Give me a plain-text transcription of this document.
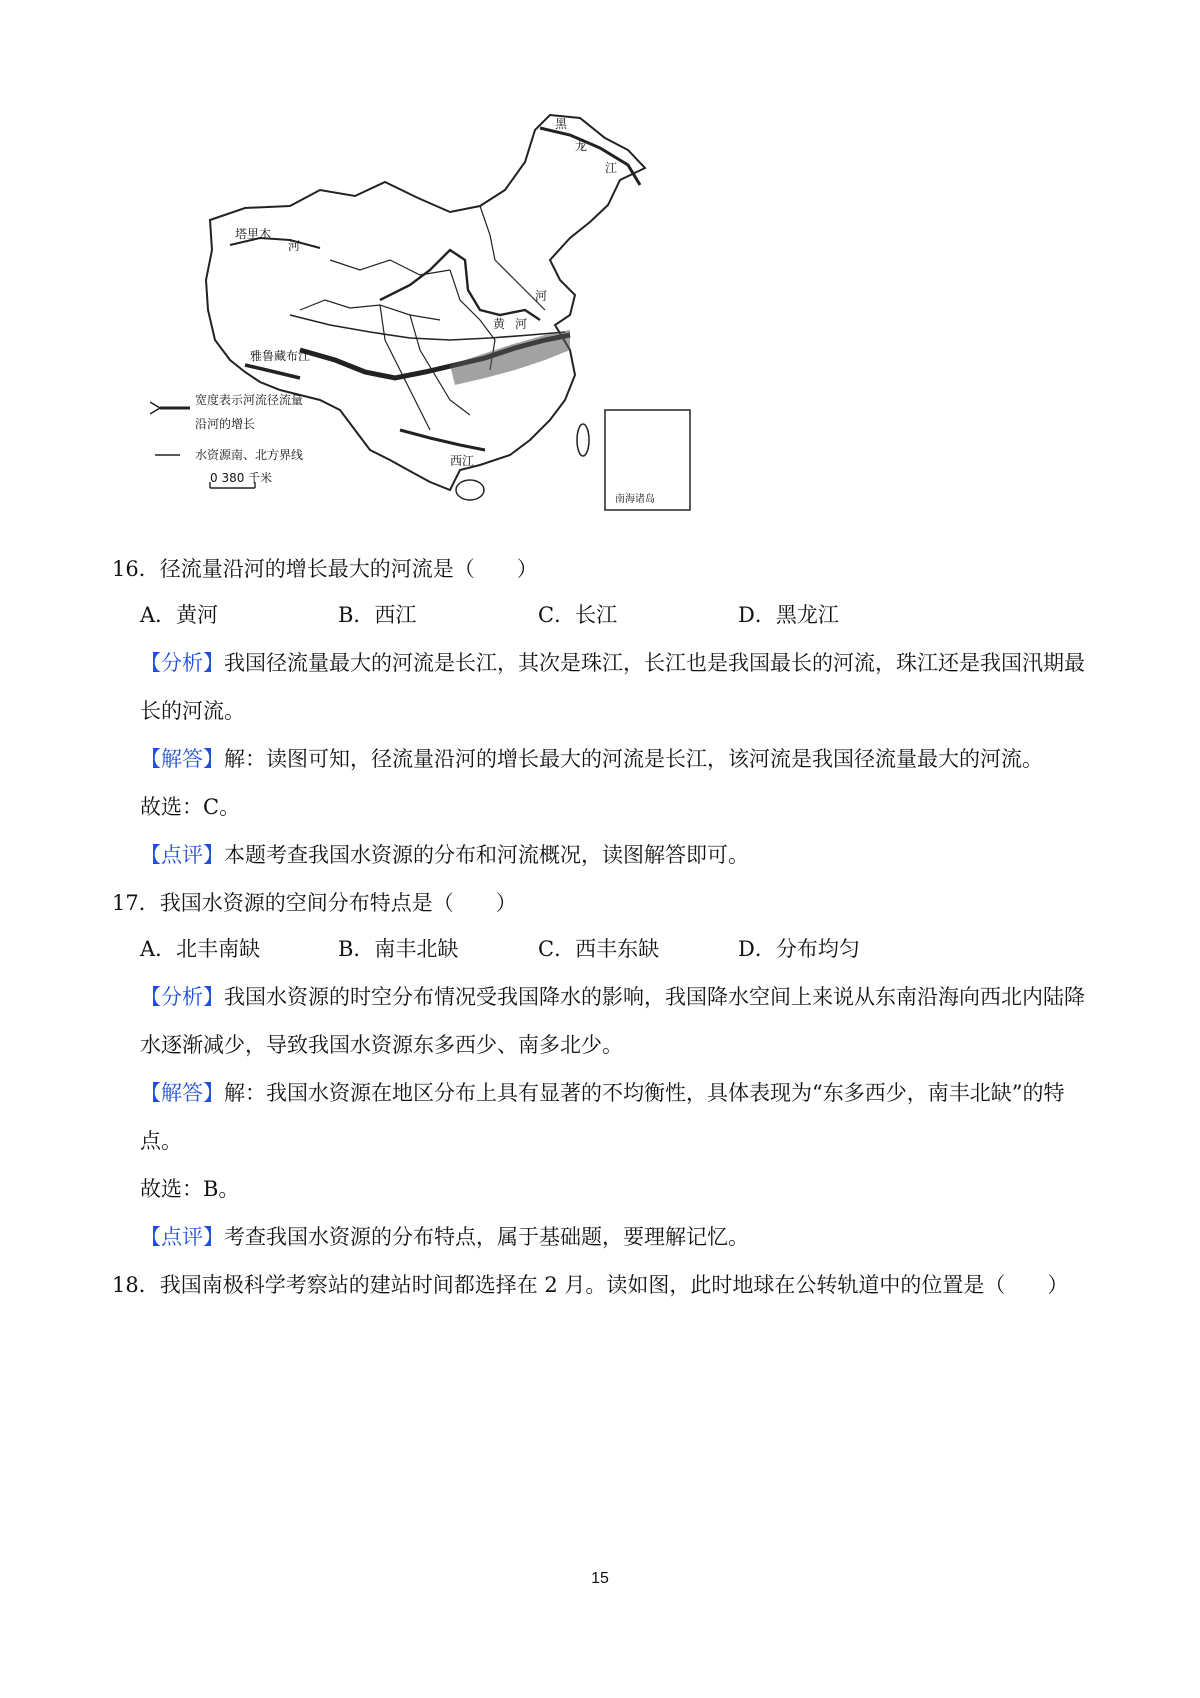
宽度表示河流径流量
沿河的增长
水资源南、北方界线
0 380 千米
黑
龙
江
塔里木
河
黄 河
河
雅鲁藏布江
西江
南海诸岛
16．径流量沿河的增长最大的河流是（　　）
A．黄河	B．西江	C．长江	D．黑龙江
【分析】我国径流量最大的河流是长江，其次是珠江，长江也是我国最长的河流，珠江还是我国汛期最
长的河流。
【解答】解：读图可知，径流量沿河的增长最大的河流是长江，该河流是我国径流量最大的河流。
故选：C。
【点评】本题考查我国水资源的分布和河流概况，读图解答即可。
17．我国水资源的空间分布特点是（　　）
A．北丰南缺	B．南丰北缺	C．西丰东缺	D．分布均匀
【分析】我国水资源的时空分布情况受我国降水的影响，我国降水空间上来说从东南沿海向西北内陆降
水逐渐减少，导致我国水资源东多西少、南多北少。
【解答】解：我国水资源在地区分布上具有显著的不均衡性，具体表现为“东多西少，南丰北缺”的特
点。
故选：B。
【点评】考查我国水资源的分布特点，属于基础题，要理解记忆。
18．我国南极科学考察站的建站时间都选择在 2 月。读如图，此时地球在公转轨道中的位置是（　　）
15
